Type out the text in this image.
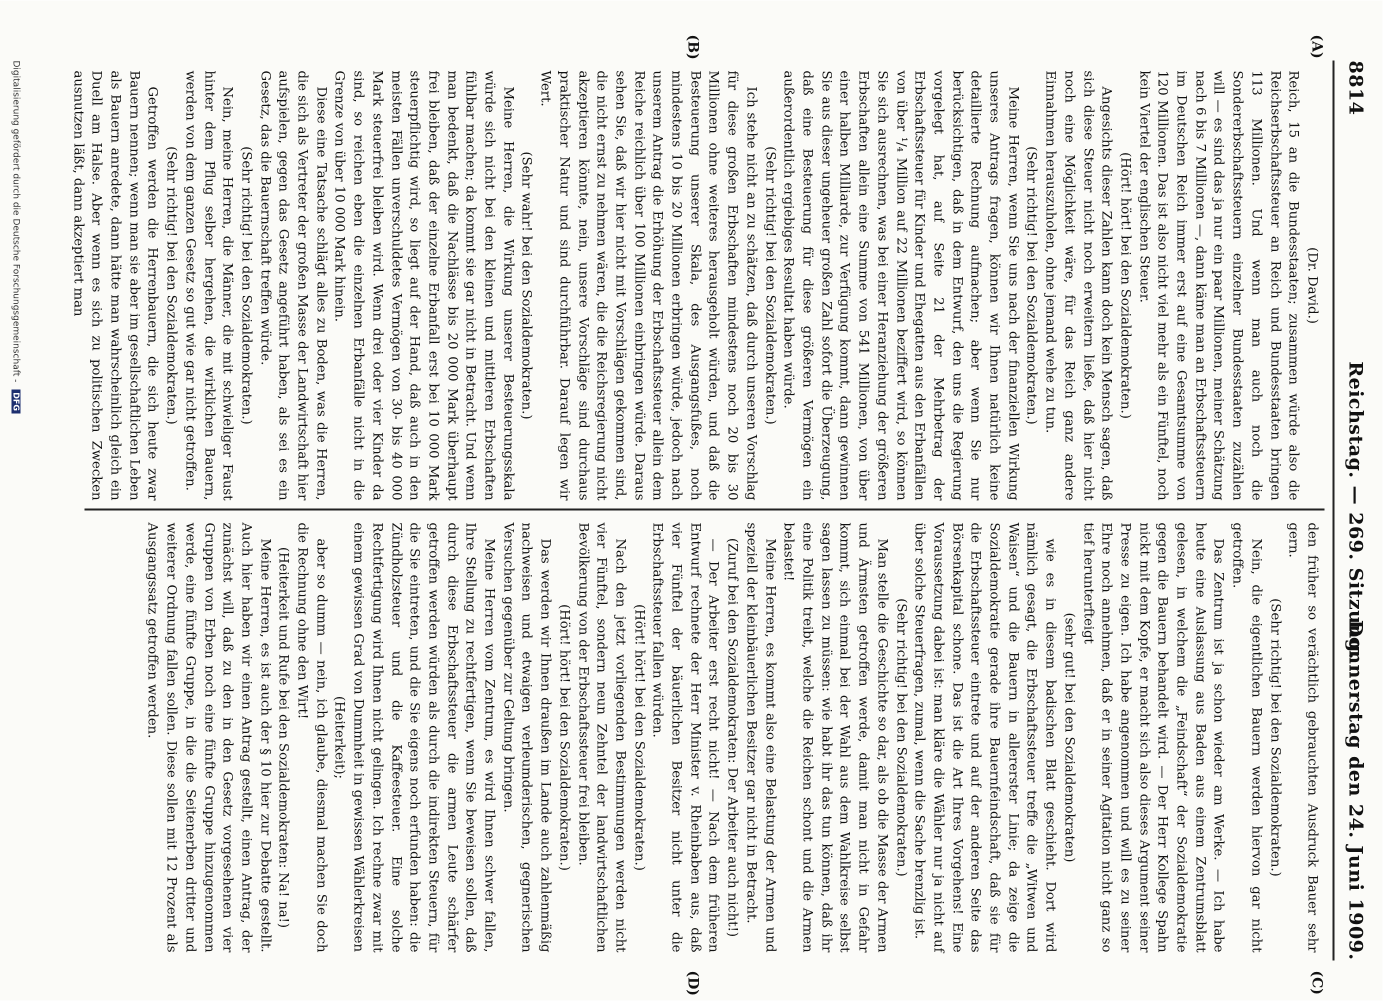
8814
Reichstag. — 269. Sitzung.
Donnerstag den 24. Juni 1909.
(A)
(B)
(C)
(D)

(Dr. David.)

Reich, 15 an die Bundesstaaten; zusammen würde also die Reichserbschaftssteuer an Reich und Bundesstaaten bringen 113 Millionen. Und wenn man auch noch die Sondererbschaftssteuern einzelner Bundesstaaten zuzählen will — es sind das ja nur ein paar Millionen, meiner Schätzung nach 6 bis 7 Millionen —, dann käme man an Erbschaftssteuern im Deutschen Reich immer erst auf eine Gesamtsumme von 120 Millionen. Das ist also nicht viel mehr als ein Fünftel, noch kein Viertel der englischen Steuer.

(Hört! hört! bei den Sozialdemokraten.)

Angesichts dieser Zahlen kann doch kein Mensch sagen, daß sich diese Steuer nicht noch erweitern ließe, daß hier nicht noch eine Möglichkeit wäre, für das Reich ganz andere Einnahmen herauszuholen, ohne jemand wehe zu tun.

(Sehr richtig! bei den Sozialdemokraten.)

Meine Herren, wenn Sie uns nach der finanziellen Wirkung unseres Antrags fragen, können wir Ihnen natürlich keine detaillierte Rechnung aufmachen; aber wenn Sie nur berücksichtigen, daß in dem Entwurf, den uns die Regierung vorgelegt hat, auf Seite 21 der Mehrbetrag der Erbschaftssteuer für Kinder und Ehegatten aus den Erbanfällen von über ¹/₄ Million auf 22 Millionen beziffert wird, so können Sie sich ausrechnen, was bei einer Heranziehung der größeren Erbschaften allein eine Summe von 541 Millionen, von über einer halben Milliarde, zur Verfügung kommt, dann gewinnen Sie aus dieser ungeheuer großen Zahl sofort die Überzeugung, daß eine Besteuerung für diese größeren Vermögen ein außerordentlich ergiebiges Resultat haben würde.

(Sehr richtig! bei den Sozialdemokraten.)

Ich stehe nicht an zu schätzen, daß durch unseren Vorschlag für diese großen Erbschaften mindestens noch 20 bis 30 Millionen ohne weiteres herausgeholt würden, und daß die Besteuerung unserer Skala, des Ausgangsfußes, noch mindestens 10 bis 20 Millionen erbringen würde, jedoch nach unserem Antrag die Erhöhung der Erbschaftssteuer allein dem Reiche reichlich über 100 Millionen einbringen würde. Daraus sehen Sie, daß wir hier nicht mit Vorschlägen gekommen sind, die nicht ernst zu nehmen wären, die die Reichsregierung nicht akzeptieren könnte, nein, unsere Vorschläge sind durchaus praktischer Natur und sind durchführbar. Darauf legen wir Wert.

(Sehr wahr! bei den Sozialdemokraten.)

Meine Herren, die Wirkung unserer Besteuerungsskala würde sich nicht bei den kleinen und mittleren Erbschaften fühlbar machen; da kommt sie gar nicht in Betracht. Und wenn man bedenkt, daß die Nachlässe bis 20 000 Mark überhaupt frei bleiben, daß der einzelne Erbanfall erst bei 10 000 Mark steuerpflichtig wird, so liegt auf der Hand, daß auch in den meisten Fällen unverschuldetes Vermögen von 30- bis 40 000 Mark steuerfrei bleiben wird. Wenn drei oder vier Kinder da sind, so reichen eben die einzelnen Erbanfälle nicht in die Grenze von über 10 000 Mark hinein.

Diese eine Tatsache schlägt alles zu Boden, was die Herren, die sich als Vertreter der großen Masse der Landwirtschaft hier aufspielen, gegen das Gesetz angeführt haben, als sei es ein Gesetz, das die Bauernschaft treffen würde.

(Sehr richtig! bei den Sozialdemokraten.)

Nein, meine Herren, die Männer, die mit schwieliger Faust hinter dem Pflug selber hergehen, die wirklichen Bauern, werden von dem ganzen Gesetz so gut wie gar nicht getroffen.

(Sehr richtig! bei den Sozialdemokraten.)

Getroffen werden die Herrenbauern, die sich heute zwar Bauern nennen; wenn man sie aber im gesellschaftlichen Leben als Bauern anredete, dann hätte man wahrscheinlich gleich ein Duell am Halse. Aber wenn es sich zu politischen Zwecken ausnutzen läßt, dann akzeptiert man

den früher so verächtlich gebrauchten Ausdruck Bauer sehr gern.

(Sehr richtig! bei den Sozialdemokraten.)

Nein, die eigentlichen Bauern werden hiervon gar nicht getroffen.

Das Zentrum ist ja schon wieder am Werke. — Ich habe heute eine Auslassung aus Baden aus einem Zentrumsblatt gelesen, in welchem die „Feindschaft“ der Sozialdemokratie gegen die Bauern behandelt wird. — Der Herr Kollege Spahn nickt mit dem Kopfe, er macht sich also dieses Argument seiner Presse zu eigen. Ich habe angenommen und will es zu seiner Ehre noch annehmen, daß er in seiner Agitation nicht ganz so tief herunterfteigt

(sehr gut! bei den Sozialdemokraten)

wie es in diesem badischen Blatt geschieht. Dort wird nämlich gesagt, die Erbschaftssteuer treffe die „Witwen und Waisen“ und die Bauern in allererster Linie; da zeige die Sozialdemokratie gerade ihre Bauernfeindschaft, daß sie für die Erbschaftssteuer eintrete und auf der anderen Seite das Börsenkapital schone. Das ist die Art Ihres Vorgehens! Eine Voraussetzung dabei ist: man kläre die Wähler nur ja nicht auf über solche Steuerfragen, zumal, wenn die Sache brenzlig ist.

(Sehr richtig! bei den Sozialdemokraten.)

Man stelle die Geschichte so dar, als ob die Masse der Armen und Ärmsten getroffen werde, damit man nicht in Gefahr kommt, sich einmal bei der Wahl aus dem Wahlkreise selbst sagen lassen zu müssen: wie habt ihr das tun können, daß ihr eine Politik treibt, welche die Reichen schont und die Armen belastet!

Meine Herren, es kommt also eine Belastung der Armen und speziell der kleinbäuerlichen Besitzer gar nicht in Betracht.

(Zuruf bei den Sozialdemokraten: Der Arbeiter auch nicht!)

— Der Arbeiter erst recht nicht! — Nach dem früheren Entwurf rechnete der Herr Minister v. Rheinbaben aus, daß vier Fünftel der bäuerlichen Besitzer nicht unter die Erbschaftssteuer fallen würden.

(Hört! hört! bei den Sozialdemokraten.)

Nach den jetzt vorliegenden Bestimmungen werden nicht vier Fünftel, sondern neun Zehntel der landwirtschaftlichen Bevölkerung von der Erbschaftssteuer frei bleiben.

(Hört! hört! bei den Sozialdemokraten.)

Das werden wir Ihnen draußen im Lande auch zahlenmäßig nachweisen und etwaigen verleumderischen, gegnerischen Versuchen gegenüber zur Geltung bringen.

Meine Herren vom Zentrum, es wird Ihnen schwer fallen, Ihre Stellung zu rechtfertigen, wenn Sie beweisen sollen, daß durch diese Erbschaftssteuer die armen Leute schärfer getroffen werden würden als durch die indirekten Steuern, für die Sie eintreten, und die Sie eigens noch erfunden haben: die Zündholzsteuer und die Kaffeesteuer. Eine solche Rechtfertigung wird Ihnen nicht gelingen. Ich rechne zwar mit einem gewissen Grad von Dummheit in gewissen Wählerkreisen

(Heiterkeit);

aber so dumm — nein, ich glaube, diesmal machen Sie doch die Rechnung ohne den Wirt!

(Heiterkeit und Rufe bei den Sozialdemokraten: Na! na!)

Meine Herren, es ist auch der § 10 hier zur Debatte gestellt. Auch hier haben wir einen Antrag gestellt, einen Antrag, der zunächst will, daß zu den in den Gesetz vorgesehenen vier Gruppen von Erben noch eine fünfte Gruppe hinzugenommen werde, eine fünfte Gruppe, in die die Seitenerben dritter und weiterer Ordnung fallen sollen. Diese sollen mit 12 Prozent als Ausgangssatz getroffen werden.

Digitalisierung gefördert durch die Deutsche Forschungsgemeinschaft - DFG
